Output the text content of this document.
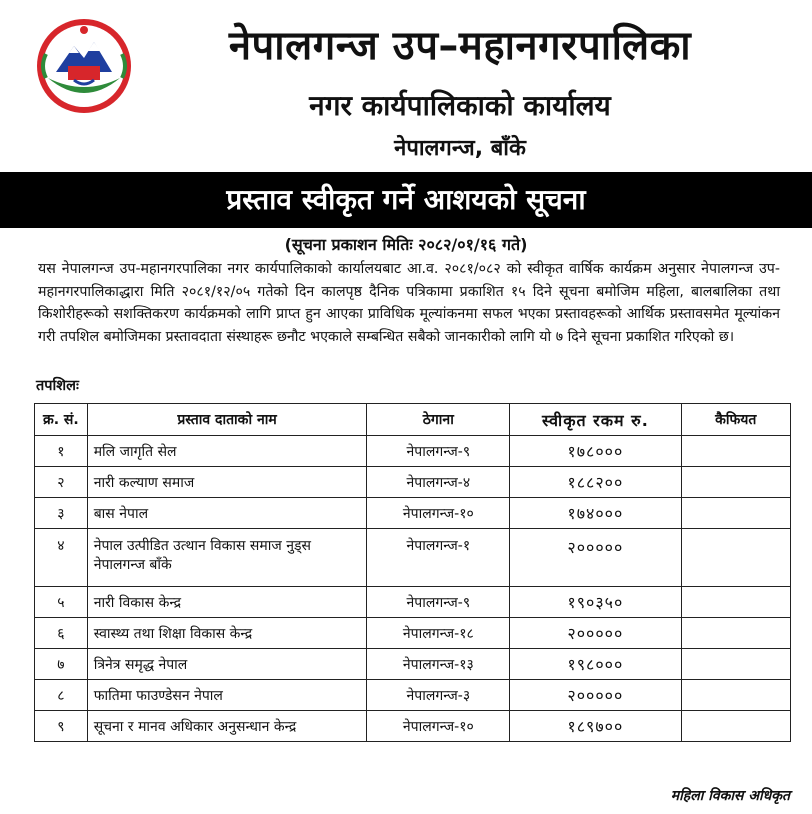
नेपालगन्ज उप–महानगरपालिका
नगर कार्यपालिकाको कार्यालय
नेपालगन्ज, बाँके
प्रस्ताव स्वीकृत गर्ने आशयको सूचना
(सूचना प्रकाशन मितिः २०८२/०१/१६ गते)
यस नेपालगन्ज उप-महानगरपालिका नगर कार्यपालिकाको कार्यालयबाट आ.व. २०८१/०८२ को स्वीकृत वार्षिक कार्यक्रम अनुसार नेपालगन्ज उप-महानगरपालिकाद्धारा मिति २०८१/१२/०५ गतेको दिन कालपृष्ठ दैनिक पत्रिकामा प्रकाशित १५ दिने सूचना बमोजिम महिला, बालबालिका तथा किशोरीहरूको सशक्तिकरण कार्यक्रमको लागि प्राप्त हुन आएका प्राविधिक मूल्यांकनमा सफल भएका प्रस्तावहरूको आर्थिक प्रस्तावसमेत मूल्यांकन गरी तपशिल बमोजिमका प्रस्तावदाता संस्थाहरू छनौट भएकाले सम्बन्धित सबैको जानकारीको लागि यो ७ दिने सूचना प्रकाशित गरिएको छ।
तपशिलः
क्र. सं.	प्रस्ताव दाताको नाम	ठेगाना	स्वीकृत रकम रु.	कैफियत
१	मलि जागृति सेल	नेपालगन्ज-९	१७८०००	
२	नारी कल्याण समाज	नेपालगन्ज-४	१८८२००	
३	बास नेपाल	नेपालगन्ज-१०	१७४०००	
४	नेपाल उत्पीडित उत्थान विकास समाज नुड्स नेपालगन्ज बाँके	नेपालगन्ज-१	२०००००	
५	नारी विकास केन्द्र	नेपालगन्ज-९	१९०३५०	
६	स्वास्थ्य तथा शिक्षा विकास केन्द्र	नेपालगन्ज-१८	२०००००	
७	त्रिनेत्र समृद्ध नेपाल	नेपालगन्ज-१३	१९८०००	
८	फातिमा फाउण्डेसन नेपाल	नेपालगन्ज-३	२०००००	
९	सूचना र मानव अधिकार अनुसन्धान केन्द्र	नेपालगन्ज-१०	१८९७००	
महिला विकास अधिकृत
